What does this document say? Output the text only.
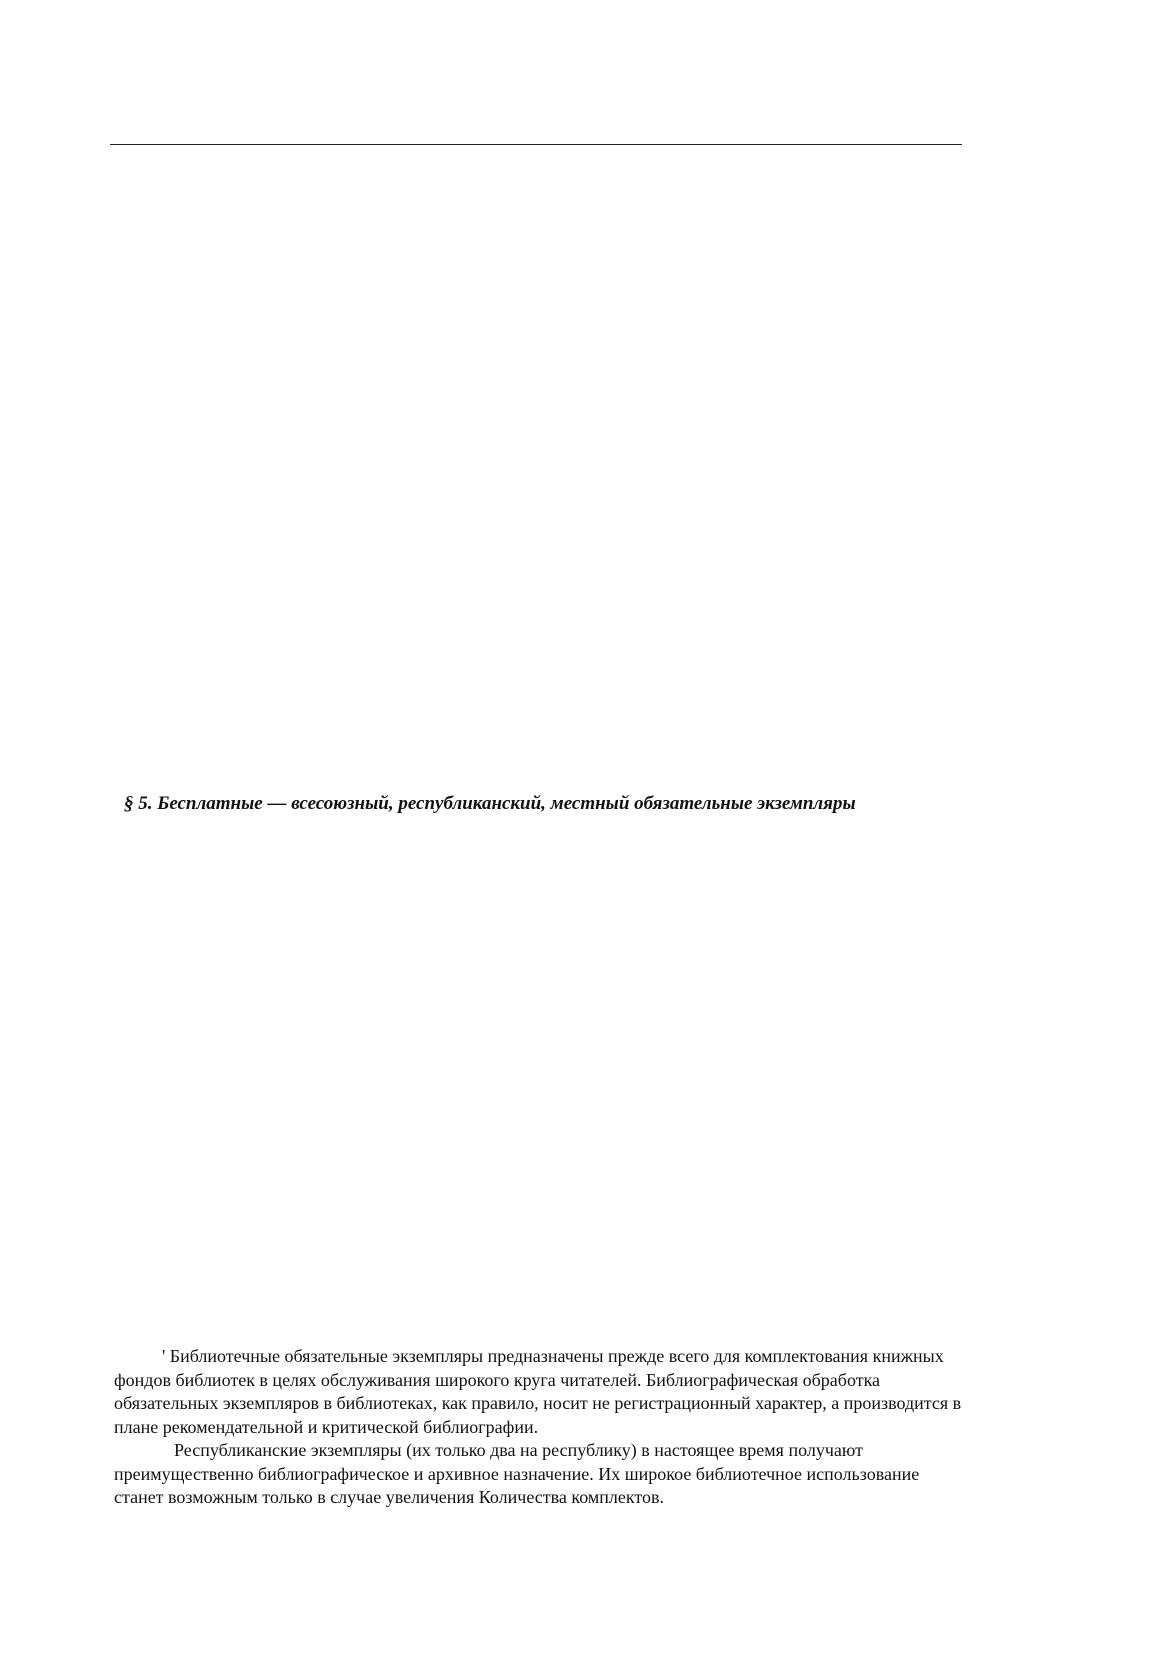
§ 5. Бесплатные — всесоюзный, республиканский, местный обязательные экземпляры

' Библиотечные обязательные экземпляры предназначены прежде всего для комплектования книжных фондов библиотек в целях обслуживания широкого круга читателей. Библиографическая обработка обязательных экземпляров в библиотеках, как правило, носит не регистрационный характер, а производится в плане рекомендательной и критической библиографии.

Республиканские экземпляры (их только два на республику) в настоящее время получают преимущественно библиографическое и архивное назначение. Их широкое библиотечное использование станет возможным только в случае увеличения Количества комплектов.
